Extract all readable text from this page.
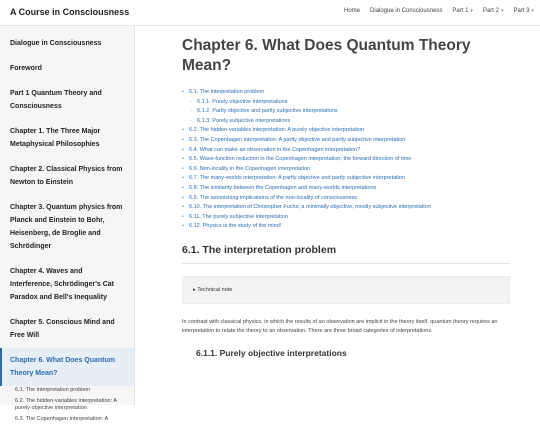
A Course in Consciousness	Home Dialogue in Consciousness Part 1 ▾ Part 2 ▾ Part 3 ▾
Dialogue in Consciousness
Foreword
Part 1 Quantum Theory and Consciousness
Chapter 1. The Three Major Metaphysical Philosophies
Chapter 2. Classical Physics from Newton to Einstein
Chapter 3. Quantum physics from Planck and Einstein to Bohr, Heisenberg, de Broglie and Schrödinger
Chapter 4. Waves and Interference, Schrödinger's Cat Paradox and Bell's Inequality
Chapter 5. Conscious Mind and Free Will
Chapter 6. What Does Quantum Theory Mean?
6.1. The interpretation problem
6.2. The hidden-variables interpretation: A purely objective interpretation
6.3. The Copenhagen interpretation: A
Chapter 6. What Does Quantum Theory Mean?
• 6.1. The interpretation problem
◦ 6.1.1. Purely objective interpretations
◦ 6.1.2. Partly objective and partly subjective interpretations
◦ 6.1.3. Purely subjective interpretations
• 6.2. The hidden-variables interpretation: A purely objective interpretation
• 6.3. The Copenhagen interpretation: A partly objective and partly subjective interpretation
• 6.4. What can make an observation in the Copenhagen interpretation?
• 6.5. Wave-function reduction in the Copenhagen interpretation; the forward direction of time
• 6.6. Non-locality in the Copenhagen interpretation
• 6.7. The many-worlds interpretation: A partly objective and partly subjective interpretation
• 6.8. The similarity between the Copenhagen and many-worlds interpretations
• 6.9. The astonishing implications of the non-locality of consciousness
• 6.10. The interpretation of Christopher Fuchs; a minimally objective, mostly subjective interpretation
• 6.11. The purely subjective interpretation
• 6.12. Physics is the study of the mind!
6.1. The interpretation problem
▸ Technical note
In contrast with classical physics, in which the results of an observation are implicit in the theory itself, quantum theory requires an interpretation to relate the theory to an observation. There are three broad categories of interpretations.
6.1.1. Purely objective interpretations
